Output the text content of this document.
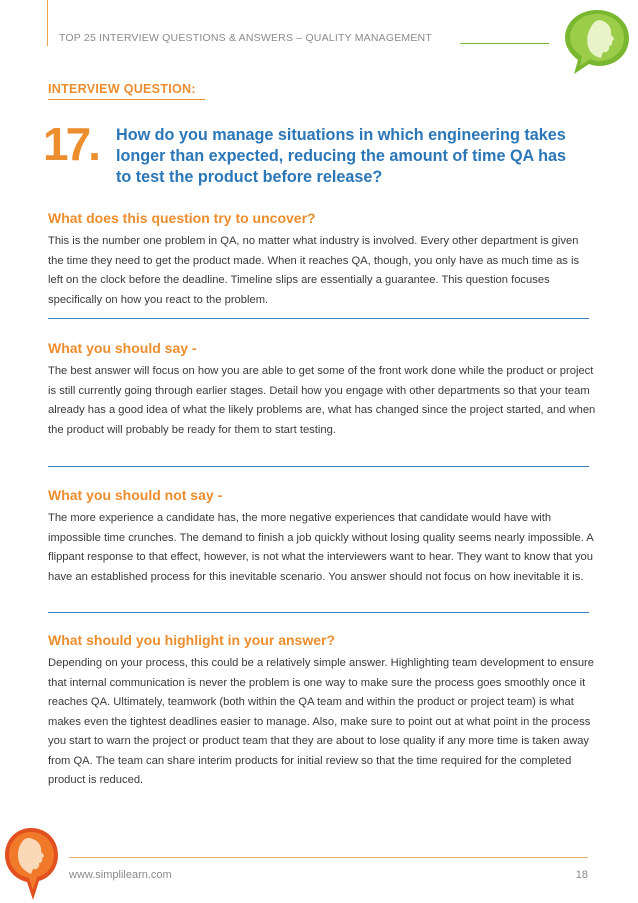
TOP 25 INTERVIEW QUESTIONS & ANSWERS – QUALITY MANAGEMENT
INTERVIEW QUESTION:
17. How do you manage situations in which engineering takes longer than expected, reducing the amount of time QA has to test the product before release?
What does this question try to uncover?
This is the number one problem in QA, no matter what industry is involved. Every other department is given the time they need to get the product made. When it reaches QA, though, you only have as much time as is left on the clock before the deadline. Timeline slips are essentially a guarantee. This question focuses specifically on how you react to the problem.
What you should say -
The best answer will focus on how you are able to get some of the front work done while the product or project is still currently going through earlier stages. Detail how you engage with other departments so that your team already has a good idea of what the likely problems are, what has changed since the project started, and when the product will probably be ready for them to start testing.
What you should not say -
The more experience a candidate has, the more negative experiences that candidate would have with impossible time crunches. The demand to finish a job quickly without losing quality seems nearly impossible. A flippant response to that effect, however, is not what the interviewers want to hear. They want to know that you have an established process for this inevitable scenario. You answer should not focus on how inevitable it is.
What should you highlight in your answer?
Depending on your process, this could be a relatively simple answer. Highlighting team development to ensure that internal communication is never the problem is one way to make sure the process goes smoothly once it reaches QA. Ultimately, teamwork (both within the QA team and within the product or project team) is what makes even the tightest deadlines easier to manage. Also, make sure to point out at what point in the process you start to warn the project or product team that they are about to lose quality if any more time is taken away from QA. The team can share interim products for initial review so that the time required for the completed product is reduced.
www.simplilearn.com	18
